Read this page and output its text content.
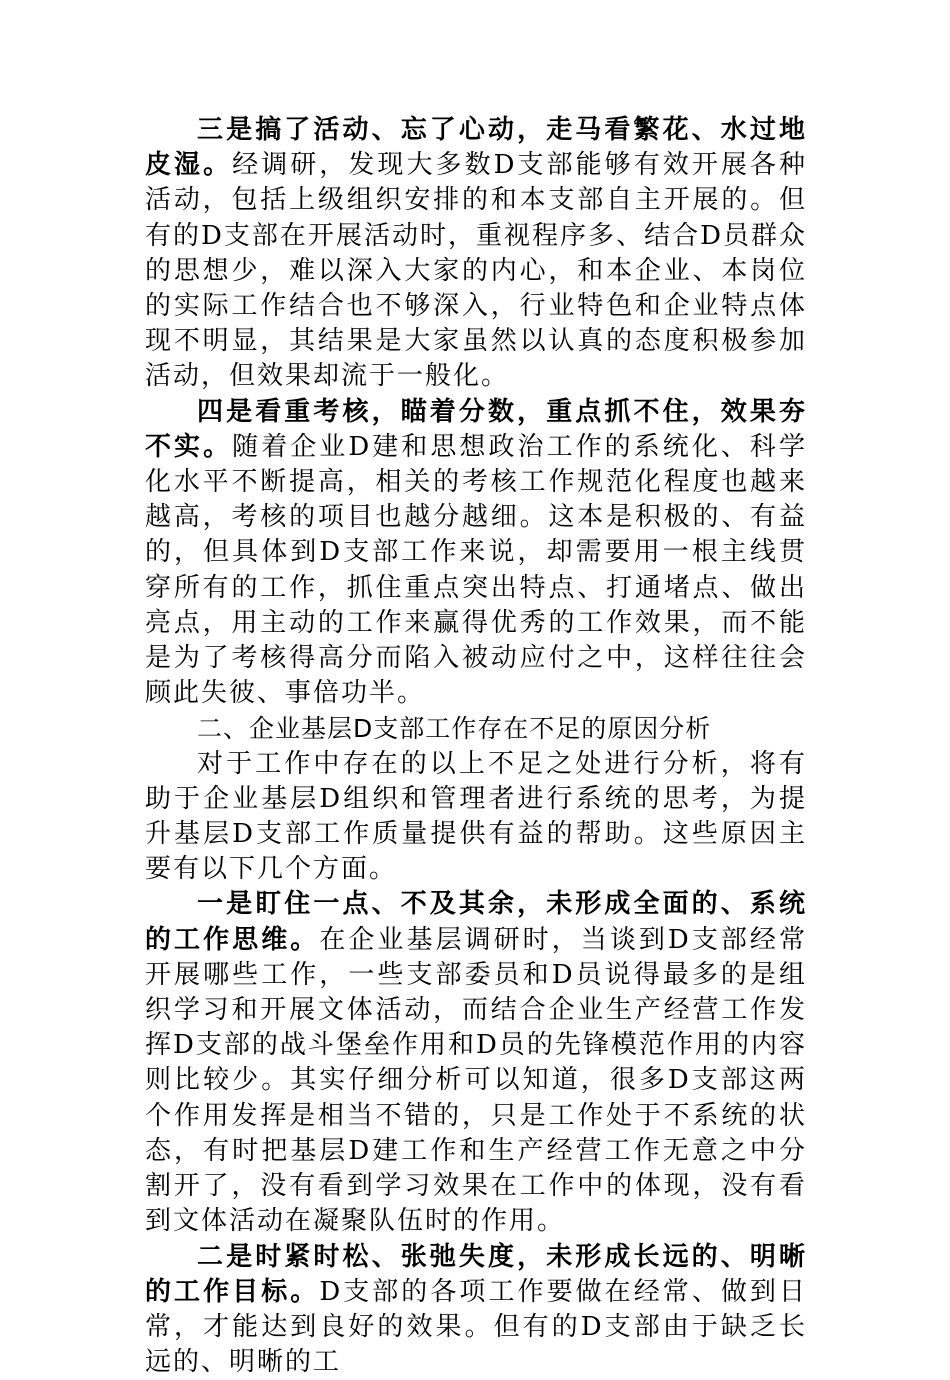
三是搞了活动、忘了心动，走马看繁花、水过地皮湿。经调研，发现大多数D支部能够有效开展各种活动，包括上级组织安排的和本支部自主开展的。但有的D支部在开展活动时，重视程序多、结合D员群众的思想少，难以深入大家的内心，和本企业、本岗位的实际工作结合也不够深入，行业特色和企业特点体现不明显，其结果是大家虽然以认真的态度积极参加活动，但效果却流于一般化。

四是看重考核，瞄着分数，重点抓不住，效果夯不实。随着企业D建和思想政治工作的系统化、科学化水平不断提高，相关的考核工作规范化程度也越来越高，考核的项目也越分越细。这本是积极的、有益的，但具体到D支部工作来说，却需要用一根主线贯穿所有的工作，抓住重点突出特点、打通堵点、做出亮点，用主动的工作来赢得优秀的工作效果，而不能是为了考核得高分而陷入被动应付之中，这样往往会顾此失彼、事倍功半。

二、企业基层D支部工作存在不足的原因分析

对于工作中存在的以上不足之处进行分析，将有助于企业基层D组织和管理者进行系统的思考，为提升基层D支部工作质量提供有益的帮助。这些原因主要有以下几个方面。

一是盯住一点、不及其余，未形成全面的、系统的工作思维。在企业基层调研时，当谈到D支部经常开展哪些工作，一些支部委员和D员说得最多的是组织学习和开展文体活动，而结合企业生产经营工作发挥D支部的战斗堡垒作用和D员的先锋模范作用的内容则比较少。其实仔细分析可以知道，很多D支部这两个作用发挥是相当不错的，只是工作处于不系统的状态，有时把基层D建工作和生产经营工作无意之中分割开了，没有看到学习效果在工作中的体现，没有看到文体活动在凝聚队伍时的作用。

二是时紧时松、张弛失度，未形成长远的、明晰的工作目标。D支部的各项工作要做在经常、做到日常，才能达到良好的效果。但有的D支部由于缺乏长远的、明晰的工
